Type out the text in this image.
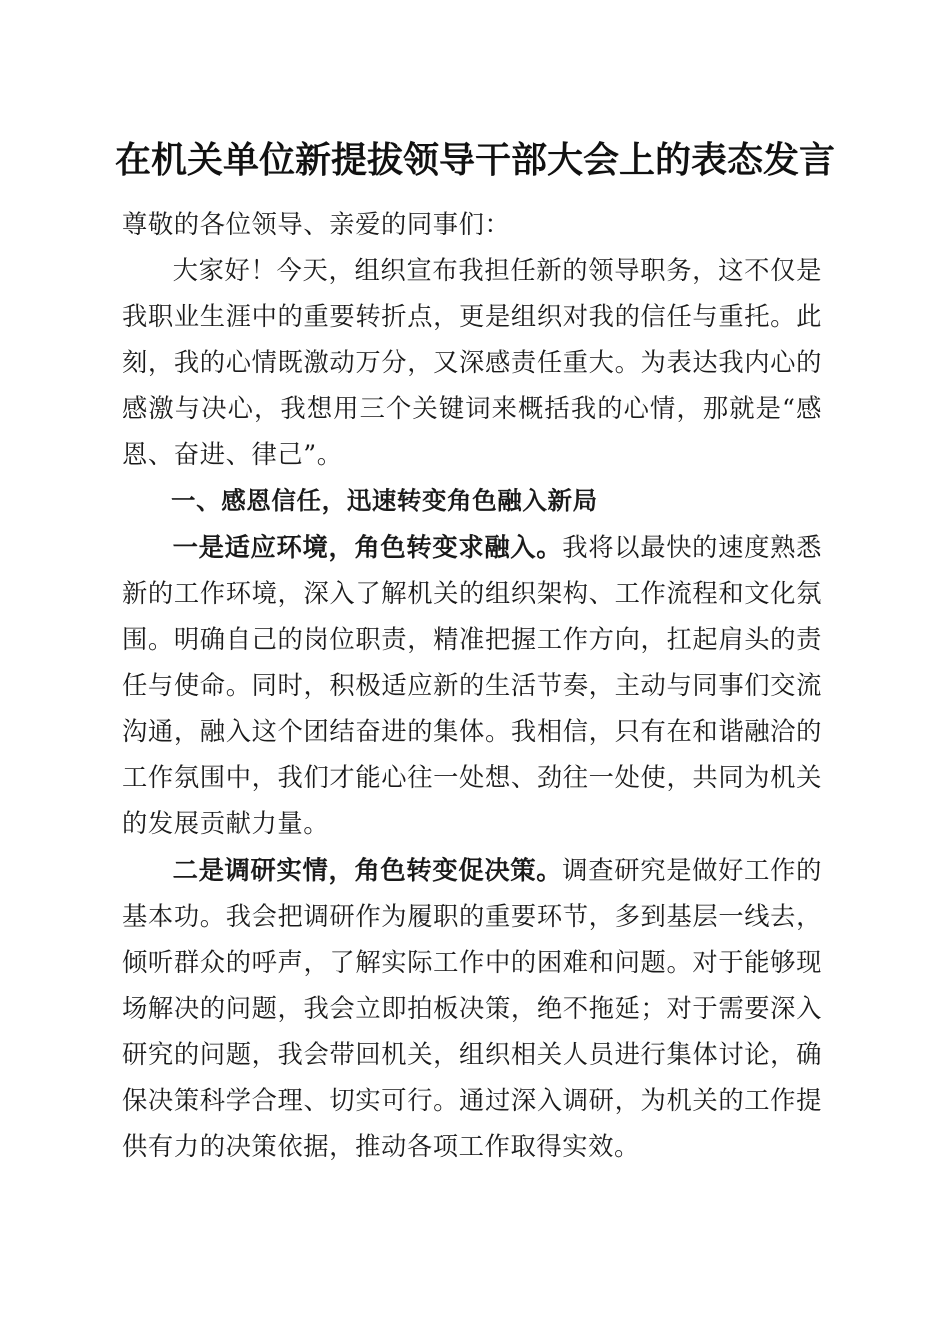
在机关单位新提拔领导干部大会上的表态发言

尊敬的各位领导、亲爱的同事们：

大家好！今天，组织宣布我担任新的领导职务，这不仅是我职业生涯中的重要转折点，更是组织对我的信任与重托。此刻，我的心情既激动万分，又深感责任重大。为表达我内心的感激与决心，我想用三个关键词来概括我的心情，那就是“感恩、奋进、律己”。

一、感恩信任，迅速转变角色融入新局

一是适应环境，角色转变求融入。我将以最快的速度熟悉新的工作环境，深入了解机关的组织架构、工作流程和文化氛围。明确自己的岗位职责，精准把握工作方向，扛起肩头的责任与使命。同时，积极适应新的生活节奏，主动与同事们交流沟通，融入这个团结奋进的集体。我相信，只有在和谐融洽的工作氛围中，我们才能心往一处想、劲往一处使，共同为机关的发展贡献力量。

二是调研实情，角色转变促决策。调查研究是做好工作的基本功。我会把调研作为履职的重要环节，多到基层一线去，倾听群众的呼声，了解实际工作中的困难和问题。对于能够现场解决的问题，我会立即拍板决策，绝不拖延；对于需要深入研究的问题，我会带回机关，组织相关人员进行集体讨论，确保决策科学合理、切实可行。通过深入调研，为机关的工作提供有力的决策依据，推动各项工作取得实效。
